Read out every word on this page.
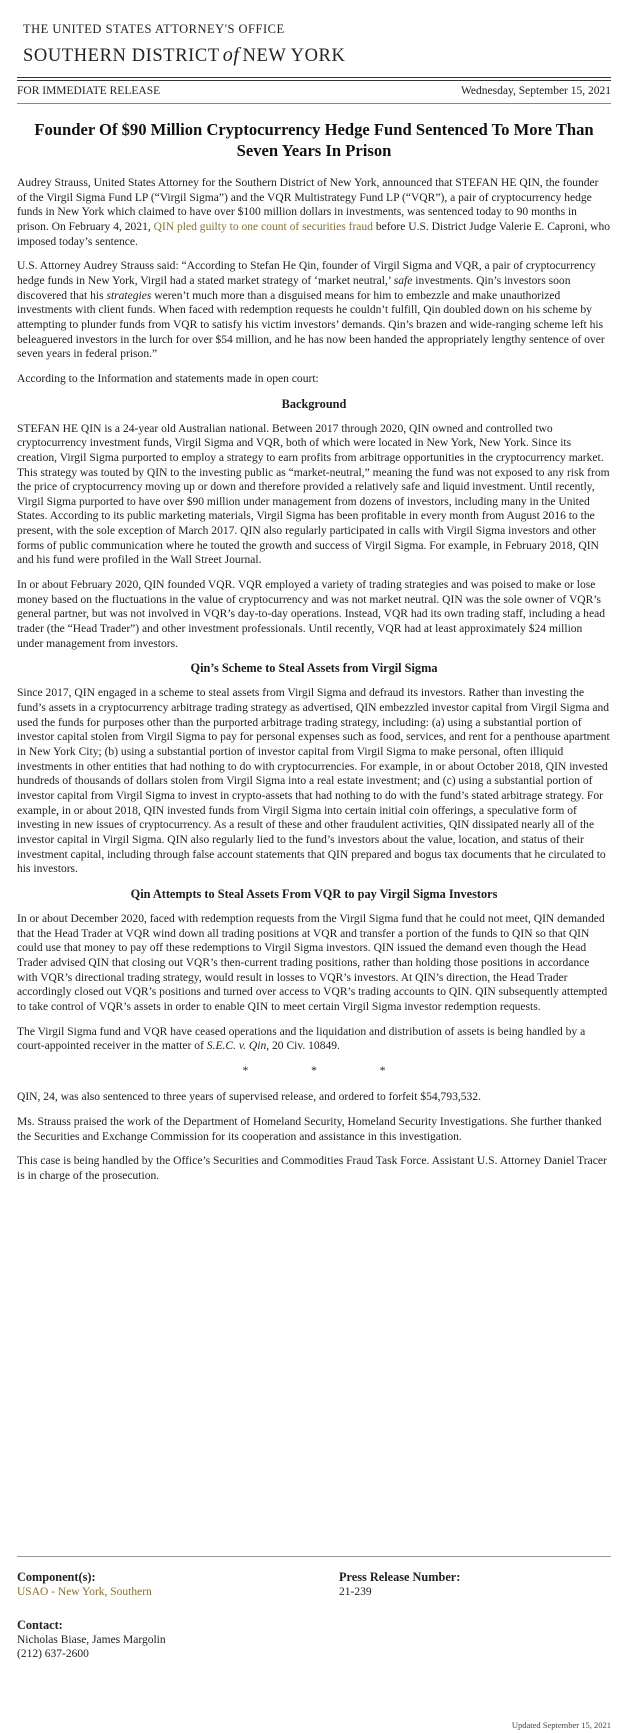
THE UNITED STATES ATTORNEY'S OFFICE
SOUTHERN DISTRICT of NEW YORK
FOR IMMEDIATE RELEASE	Wednesday, September 15, 2021
Founder Of $90 Million Cryptocurrency Hedge Fund Sentenced To More Than Seven Years In Prison

Audrey Strauss, United States Attorney for the Southern District of New York, announced that STEFAN HE QIN, the founder of the Virgil Sigma Fund LP (“Virgil Sigma”) and the VQR Multistrategy Fund LP (“VQR”), a pair of cryptocurrency hedge funds in New York which claimed to have over $100 million dollars in investments, was sentenced today to 90 months in prison. On February 4, 2021, QIN pled guilty to one count of securities fraud before U.S. District Judge Valerie E. Caproni, who imposed today’s sentence.

U.S. Attorney Audrey Strauss said: “According to Stefan He Qin, founder of Virgil Sigma and VQR, a pair of cryptocurrency hedge funds in New York, Virgil had a stated market strategy of ‘market neutral,’ safe investments. Qin’s investors soon discovered that his strategies weren’t much more than a disguised means for him to embezzle and make unauthorized investments with client funds. When faced with redemption requests he couldn’t fulfill, Qin doubled down on his scheme by attempting to plunder funds from VQR to satisfy his victim investors’ demands. Qin’s brazen and wide-ranging scheme left his beleaguered investors in the lurch for over $54 million, and he has now been handed the appropriately lengthy sentence of over seven years in federal prison.”

According to the Information and statements made in open court:

Background

STEFAN HE QIN is a 24-year old Australian national. Between 2017 through 2020, QIN owned and controlled two cryptocurrency investment funds, Virgil Sigma and VQR, both of which were located in New York, New York. Since its creation, Virgil Sigma purported to employ a strategy to earn profits from arbitrage opportunities in the cryptocurrency market. This strategy was touted by QIN to the investing public as “market-neutral,” meaning the fund was not exposed to any risk from the price of cryptocurrency moving up or down and therefore provided a relatively safe and liquid investment. Until recently, Virgil Sigma purported to have over $90 million under management from dozens of investors, including many in the United States. According to its public marketing materials, Virgil Sigma has been profitable in every month from August 2016 to the present, with the sole exception of March 2017. QIN also regularly participated in calls with Virgil Sigma investors and other forms of public communication where he touted the growth and success of Virgil Sigma. For example, in February 2018, QIN and his fund were profiled in the Wall Street Journal.

In or about February 2020, QIN founded VQR. VQR employed a variety of trading strategies and was poised to make or lose money based on the fluctuations in the value of cryptocurrency and was not market neutral. QIN was the sole owner of VQR’s general partner, but was not involved in VQR’s day-to-day operations. Instead, VQR had its own trading staff, including a head trader (the “Head Trader”) and other investment professionals. Until recently, VQR had at least approximately $24 million under management from investors.

Qin’s Scheme to Steal Assets from Virgil Sigma

Since 2017, QIN engaged in a scheme to steal assets from Virgil Sigma and defraud its investors. Rather than investing the fund’s assets in a cryptocurrency arbitrage trading strategy as advertised, QIN embezzled investor capital from Virgil Sigma and used the funds for purposes other than the purported arbitrage trading strategy, including: (a) using a substantial portion of investor capital stolen from Virgil Sigma to pay for personal expenses such as food, services, and rent for a penthouse apartment in New York City; (b) using a substantial portion of investor capital from Virgil Sigma to make personal, often illiquid investments in other entities that had nothing to do with cryptocurrencies. For example, in or about October 2018, QIN invested hundreds of thousands of dollars stolen from Virgil Sigma into a real estate investment; and (c) using a substantial portion of investor capital from Virgil Sigma to invest in crypto-assets that had nothing to do with the fund’s stated arbitrage strategy. For example, in or about 2018, QIN invested funds from Virgil Sigma into certain initial coin offerings, a speculative form of investing in new issues of cryptocurrency. As a result of these and other fraudulent activities, QIN dissipated nearly all of the investor capital in Virgil Sigma. QIN also regularly lied to the fund’s investors about the value, location, and status of their investment capital, including through false account statements that QIN prepared and bogus tax documents that he circulated to his investors.

Qin Attempts to Steal Assets From VQR to pay Virgil Sigma Investors

In or about December 2020, faced with redemption requests from the Virgil Sigma fund that he could not meet, QIN demanded that the Head Trader at VQR wind down all trading positions at VQR and transfer a portion of the funds to QIN so that QIN could use that money to pay off these redemptions to Virgil Sigma investors. QIN issued the demand even though the Head Trader advised QIN that closing out VQR’s then-current trading positions, rather than holding those positions in accordance with VQR’s directional trading strategy, would result in losses to VQR’s investors. At QIN’s direction, the Head Trader accordingly closed out VQR’s positions and turned over access to VQR’s trading accounts to QIN. QIN subsequently attempted to take control of VQR’s assets in order to enable QIN to meet certain Virgil Sigma investor redemption requests.

The Virgil Sigma fund and VQR have ceased operations and the liquidation and distribution of assets is being handled by a court-appointed receiver in the matter of S.E.C. v. Qin, 20 Civ. 10849.

* * *

QIN, 24, was also sentenced to three years of supervised release, and ordered to forfeit $54,793,532.

Ms. Strauss praised the work of the Department of Homeland Security, Homeland Security Investigations. She further thanked the Securities and Exchange Commission for its cooperation and assistance in this investigation.

This case is being handled by the Office’s Securities and Commodities Fraud Task Force. Assistant U.S. Attorney Daniel Tracer is in charge of the prosecution.

Component(s):
USAO - New York, Southern
Press Release Number:
21-239
Contact:
Nicholas Biase, James Margolin
(212) 637-2600
Updated September 15, 2021
